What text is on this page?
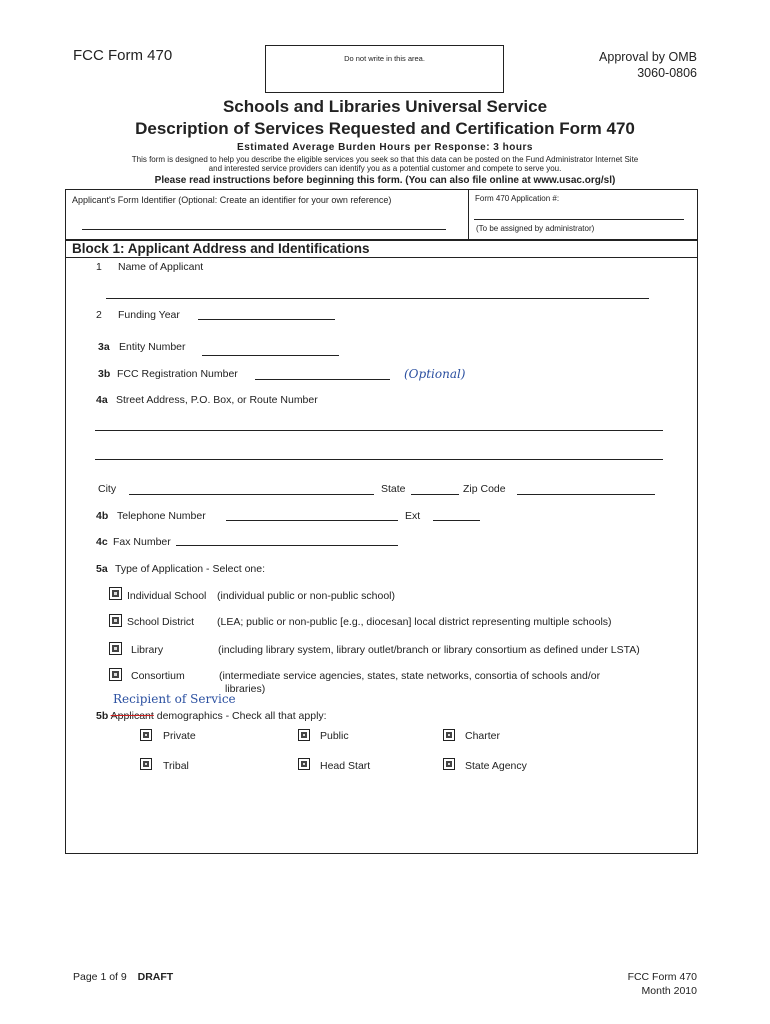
FCC Form 470	Do not write in this area.	Approval by OMB
3060-0806
Schools and Libraries Universal Service
Description of Services Requested and Certification Form 470
Estimated Average Burden Hours per Response: 3 hours
This form is designed to help you describe the eligible services you seek so that this data can be posted on the Fund Administrator Internet Site
and interested service providers can identify you as a potential customer and compete to serve you.
Please read instructions before beginning this form. (You can also file online at www.usac.org/sl)
Applicant's Form Identifier (Optional: Create an identifier for your own reference)	Form 470 Application #:
(To be assigned by administrator)
Block 1: Applicant Address and Identifications
1 Name of Applicant
2 Funding Year
3a Entity Number
3b FCC Registration Number	(Optional)
4a Street Address, P.O. Box, or Route Number
City	State	Zip Code
4b Telephone Number	Ext
4c Fax Number
5a Type of Application - Select one:
Individual School (individual public or non-public school)
School District (LEA; public or non-public [e.g., diocesan] local district representing multiple schools)
Library	(including library system, library outlet/branch or library consortium as defined under LSTA)
Consortium	(intermediate service agencies, states, state networks, consortia of schools and/or
libraries)
Recipient of Service
5b Applicant demographics - Check all that apply:
Private	Public	Charter
Tribal	Head Start	State Agency
Page 1 of 9 DRAFT	FCC Form 470
Month 2010
